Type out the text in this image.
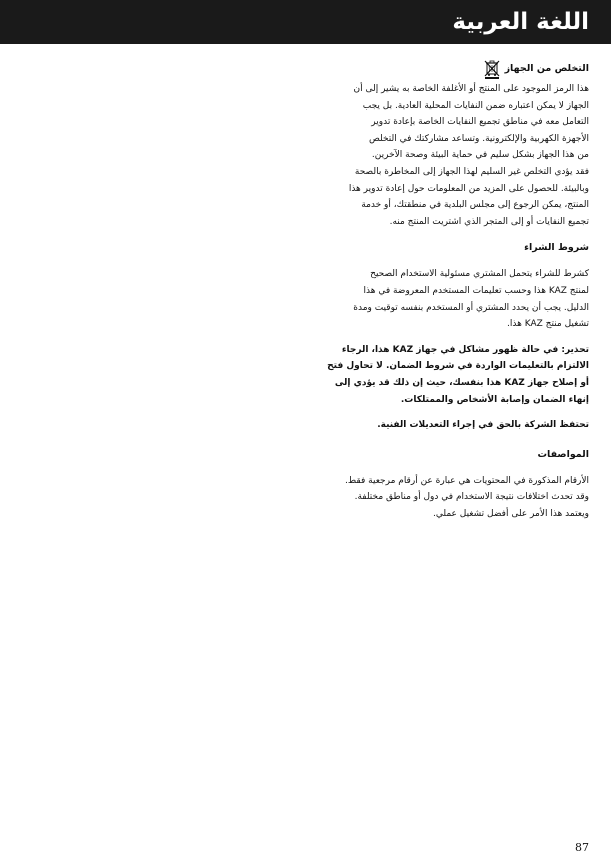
اللغة العربية
التخلص من الجهاز

هذا الرمز الموجود على المنتج أو الأغلفة الخاصة به يشير إلى أن
الجهاز لا يمكن اعتباره ضمن النفايات المحلية العادية. بل يجب
التعامل معه في مناطق تجميع النفايات الخاصة بإعادة تدوير
الأجهزة الكهربية والإلكترونية. وتساعد مشاركتك في التخلص
من هذا الجهاز بشكل سليم في حماية البيئة وصحة الآخرين.
فقد يؤدي التخلص غير السليم لهذا الجهاز إلى المخاطرة بالصحة
وبالبيئة. للحصول على المزيد من المعلومات حول إعادة تدوير هذا
المنتج، يمكن الرجوع إلى مجلس البلدية في منطقتك، أو خدمة
تجميع النفايات أو إلى المتجر الذي اشتريت المنتج منه.

شروط الشراء

كشرط للشراء يتحمل المشتري مسئولية الاستخدام الصحيح
لمنتج KAZ هذا وحسب تعليمات المستخدم المعروضة في هذا
الدليل. يجب أن يحدد المشتري أو المستخدم بنفسه توقيت ومدة
تشغيل منتج KAZ هذا.

تحذير: في حالة ظهور مشاكل في جهاز KAZ هذا، الرجاء
الالتزام بالتعليمات الواردة في شروط الضمان. لا تحاول فتح
أو إصلاح جهاز KAZ هذا بنفسك، حيث إن ذلك قد يؤدي إلى
إنهاء الضمان وإصابة الأشخاص والممتلكات.

تحتفظ الشركة بالحق في إجراء التعديلات الفنية.

المواصفات

الأرقام المذكورة في المحتويات هي عبارة عن أرقام مرجعية فقط.
وقد تحدث اختلافات نتيجة الاستخدام في دول أو مناطق مختلفة.
ويعتمد هذا الأمر على أفضل تشغيل عملي.

87
